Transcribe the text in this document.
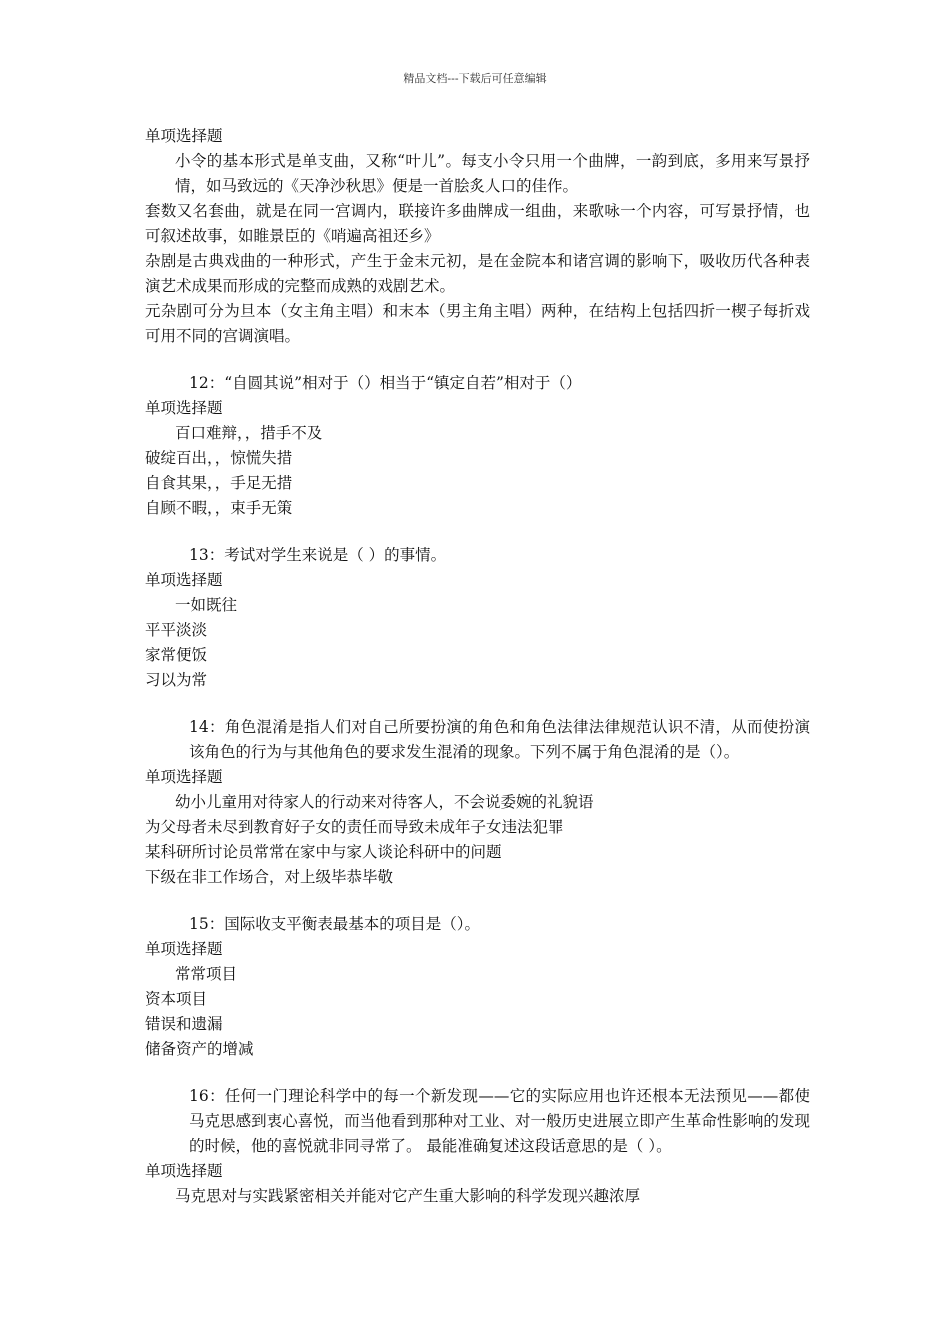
精品文档---下载后可任意编辑
单项选择题
小令的基本形式是单支曲，又称“叶儿”。每支小令只用一个曲牌，一韵到底，多用来写景抒情，如马致远的《天净沙秋思》便是一首脍炙人口的佳作。
套数又名套曲，就是在同一宫调内，联接许多曲牌成一组曲，来歌咏一个内容，可写景抒情，也可叙述故事，如睢景臣的《哨遍高祖还乡》
杂剧是古典戏曲的一种形式，产生于金末元初，是在金院本和诸宫调的影响下，吸收历代各种表演艺术成果而形成的完整而成熟的戏剧艺术。
元杂剧可分为旦本（女主角主唱）和末本（男主角主唱）两种，在结构上包括四折一楔子每折戏可用不同的宫调演唱。
12：“自圆其说”相对于（）相当于“镇定自若”相对于（）
单项选择题
百口难辩，，措手不及
破绽百出，，惊慌失措
自食其果，，手足无措
自顾不暇，，束手无策
13：考试对学生来说是（ ）的事情。
单项选择题
一如既往
平平淡淡
家常便饭
习以为常
14：角色混淆是指人们对自己所要扮演的角色和角色法律法律规范认识不清，从而使扮演该角色的行为与其他角色的要求发生混淆的现象。下列不属于角色混淆的是（）。
单项选择题
幼小儿童用对待家人的行动来对待客人，不会说委婉的礼貌语
为父母者未尽到教育好子女的责任而导致未成年子女违法犯罪
某科研所讨论员常常在家中与家人谈论科研中的问题
下级在非工作场合，对上级毕恭毕敬
15：国际收支平衡表最基本的项目是（）。
单项选择题
常常项目
资本项目
错误和遗漏
储备资产的增减
16：任何一门理论科学中的每一个新发现——它的实际应用也许还根本无法预见——都使马克思感到衷心喜悦，而当他看到那种对工业、对一般历史进展立即产生革命性影响的发现的时候，他的喜悦就非同寻常了。 最能准确复述这段话意思的是（ ）。
单项选择题
马克思对与实践紧密相关并能对它产生重大影响的科学发现兴趣浓厚
